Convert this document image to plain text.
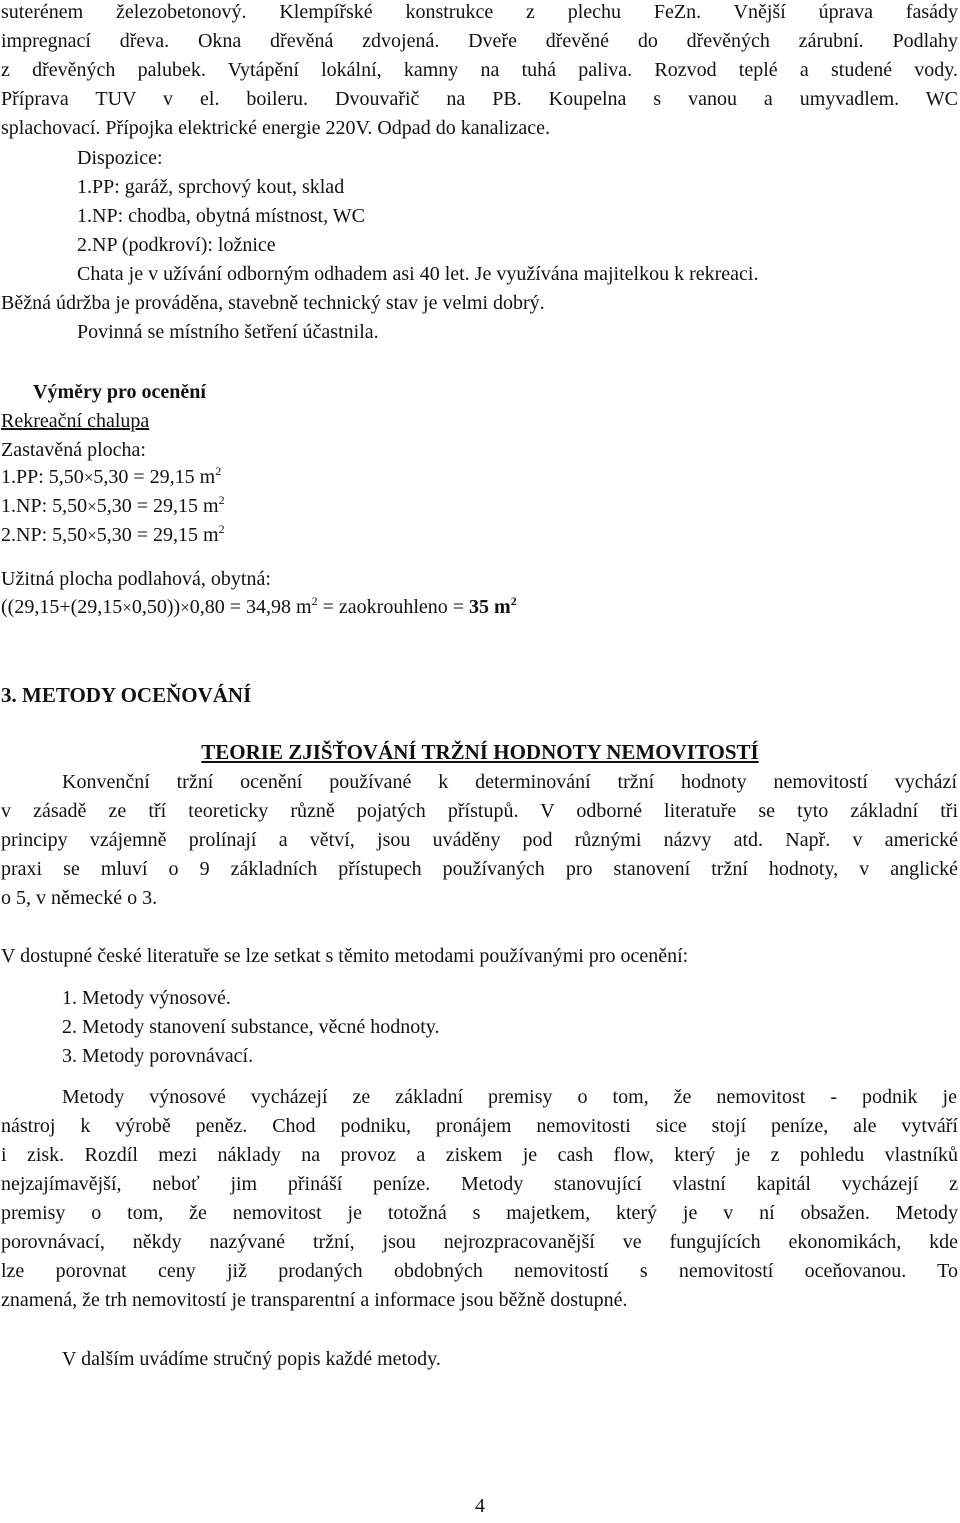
suterénem železobetonový. Klempířské konstrukce z plechu FeZn. Vnější úprava fasády
impregnací dřeva. Okna dřevěná zdvojená. Dveře dřevěné do dřevěných zárubní. Podlahy
z dřevěných palubek. Vytápění lokální, kamny na tuhá paliva. Rozvod teplé a studené vody.
Příprava TUV v el. boileru. Dvouvařič na PB. Koupelna s vanou a umyvadlem. WC
splachovací. Přípojka elektrické energie 220V. Odpad do kanalizace.
Dispozice:
1.PP: garáž, sprchový kout, sklad
1.NP: chodba, obytná místnost, WC
2.NP (podkroví): ložnice
Chata je v užívání odborným odhadem asi 40 let. Je využívána majitelkou k rekreaci.
Běžná údržba je prováděna, stavebně technický stav je velmi dobrý.
Povinná se místního šetření účastnila.
Výměry pro ocenění
Rekreační chalupa
Zastavěná plocha:
1.PP: 5,50×5,30 = 29,15 $m^2$
1.NP: 5,50×5,30 = 29,15 $m^2$
2.NP: 5,50×5,30 = 29,15 $m^2$
Užitná plocha podlahová, obytná:
((29,15+(29,15×0,50))×0,80 = 34,98 $m^2$ = zaokrouhleno = 35 $m^2$
3. METODY OCEŇOVÁNÍ
TEORIE ZJIŠŤOVÁNÍ TRŽNÍ HODNOTY NEMOVITOSTÍ
Konvenční tržní ocenění používané k determinování tržní hodnoty nemovitostí vychází
v zásadě ze tří teoreticky různě pojatých přístupů. V odborné literatuře se tyto základní tři
principy vzájemně prolínají a větví, jsou uváděny pod různými názvy atd. Např. v americké
praxi se mluví o 9 základních přístupech používaných pro stanovení tržní hodnoty, v anglické
o 5, v německé o 3.
V dostupné české literatuře se lze setkat s těmito metodami používanými pro ocenění:
1. Metody výnosové.
2. Metody stanovení substance, věcné hodnoty.
3. Metody porovnávací.
Metody výnosové vycházejí ze základní premisy o tom, že nemovitost - podnik je
nástroj k výrobě peněz. Chod podniku, pronájem nemovitosti sice stojí peníze, ale vytváří
i zisk. Rozdíl mezi náklady na provoz a ziskem je cash flow, který je z pohledu vlastníků
nejzajímavější, neboť jim přináší peníze. Metody stanovující vlastní kapitál vycházejí z
premisy o tom, že nemovitost je totožná s majetkem, který je v ní obsažen. Metody
porovnávací, někdy nazývané tržní, jsou nejrozpracovanější ve fungujících ekonomikách, kde
lze porovnat ceny již prodaných obdobných nemovitostí s nemovitostí oceňovanou. To
znamená, že trh nemovitostí je transparentní a informace jsou běžně dostupné.
V dalším uvádíme stručný popis každé metody.
4
